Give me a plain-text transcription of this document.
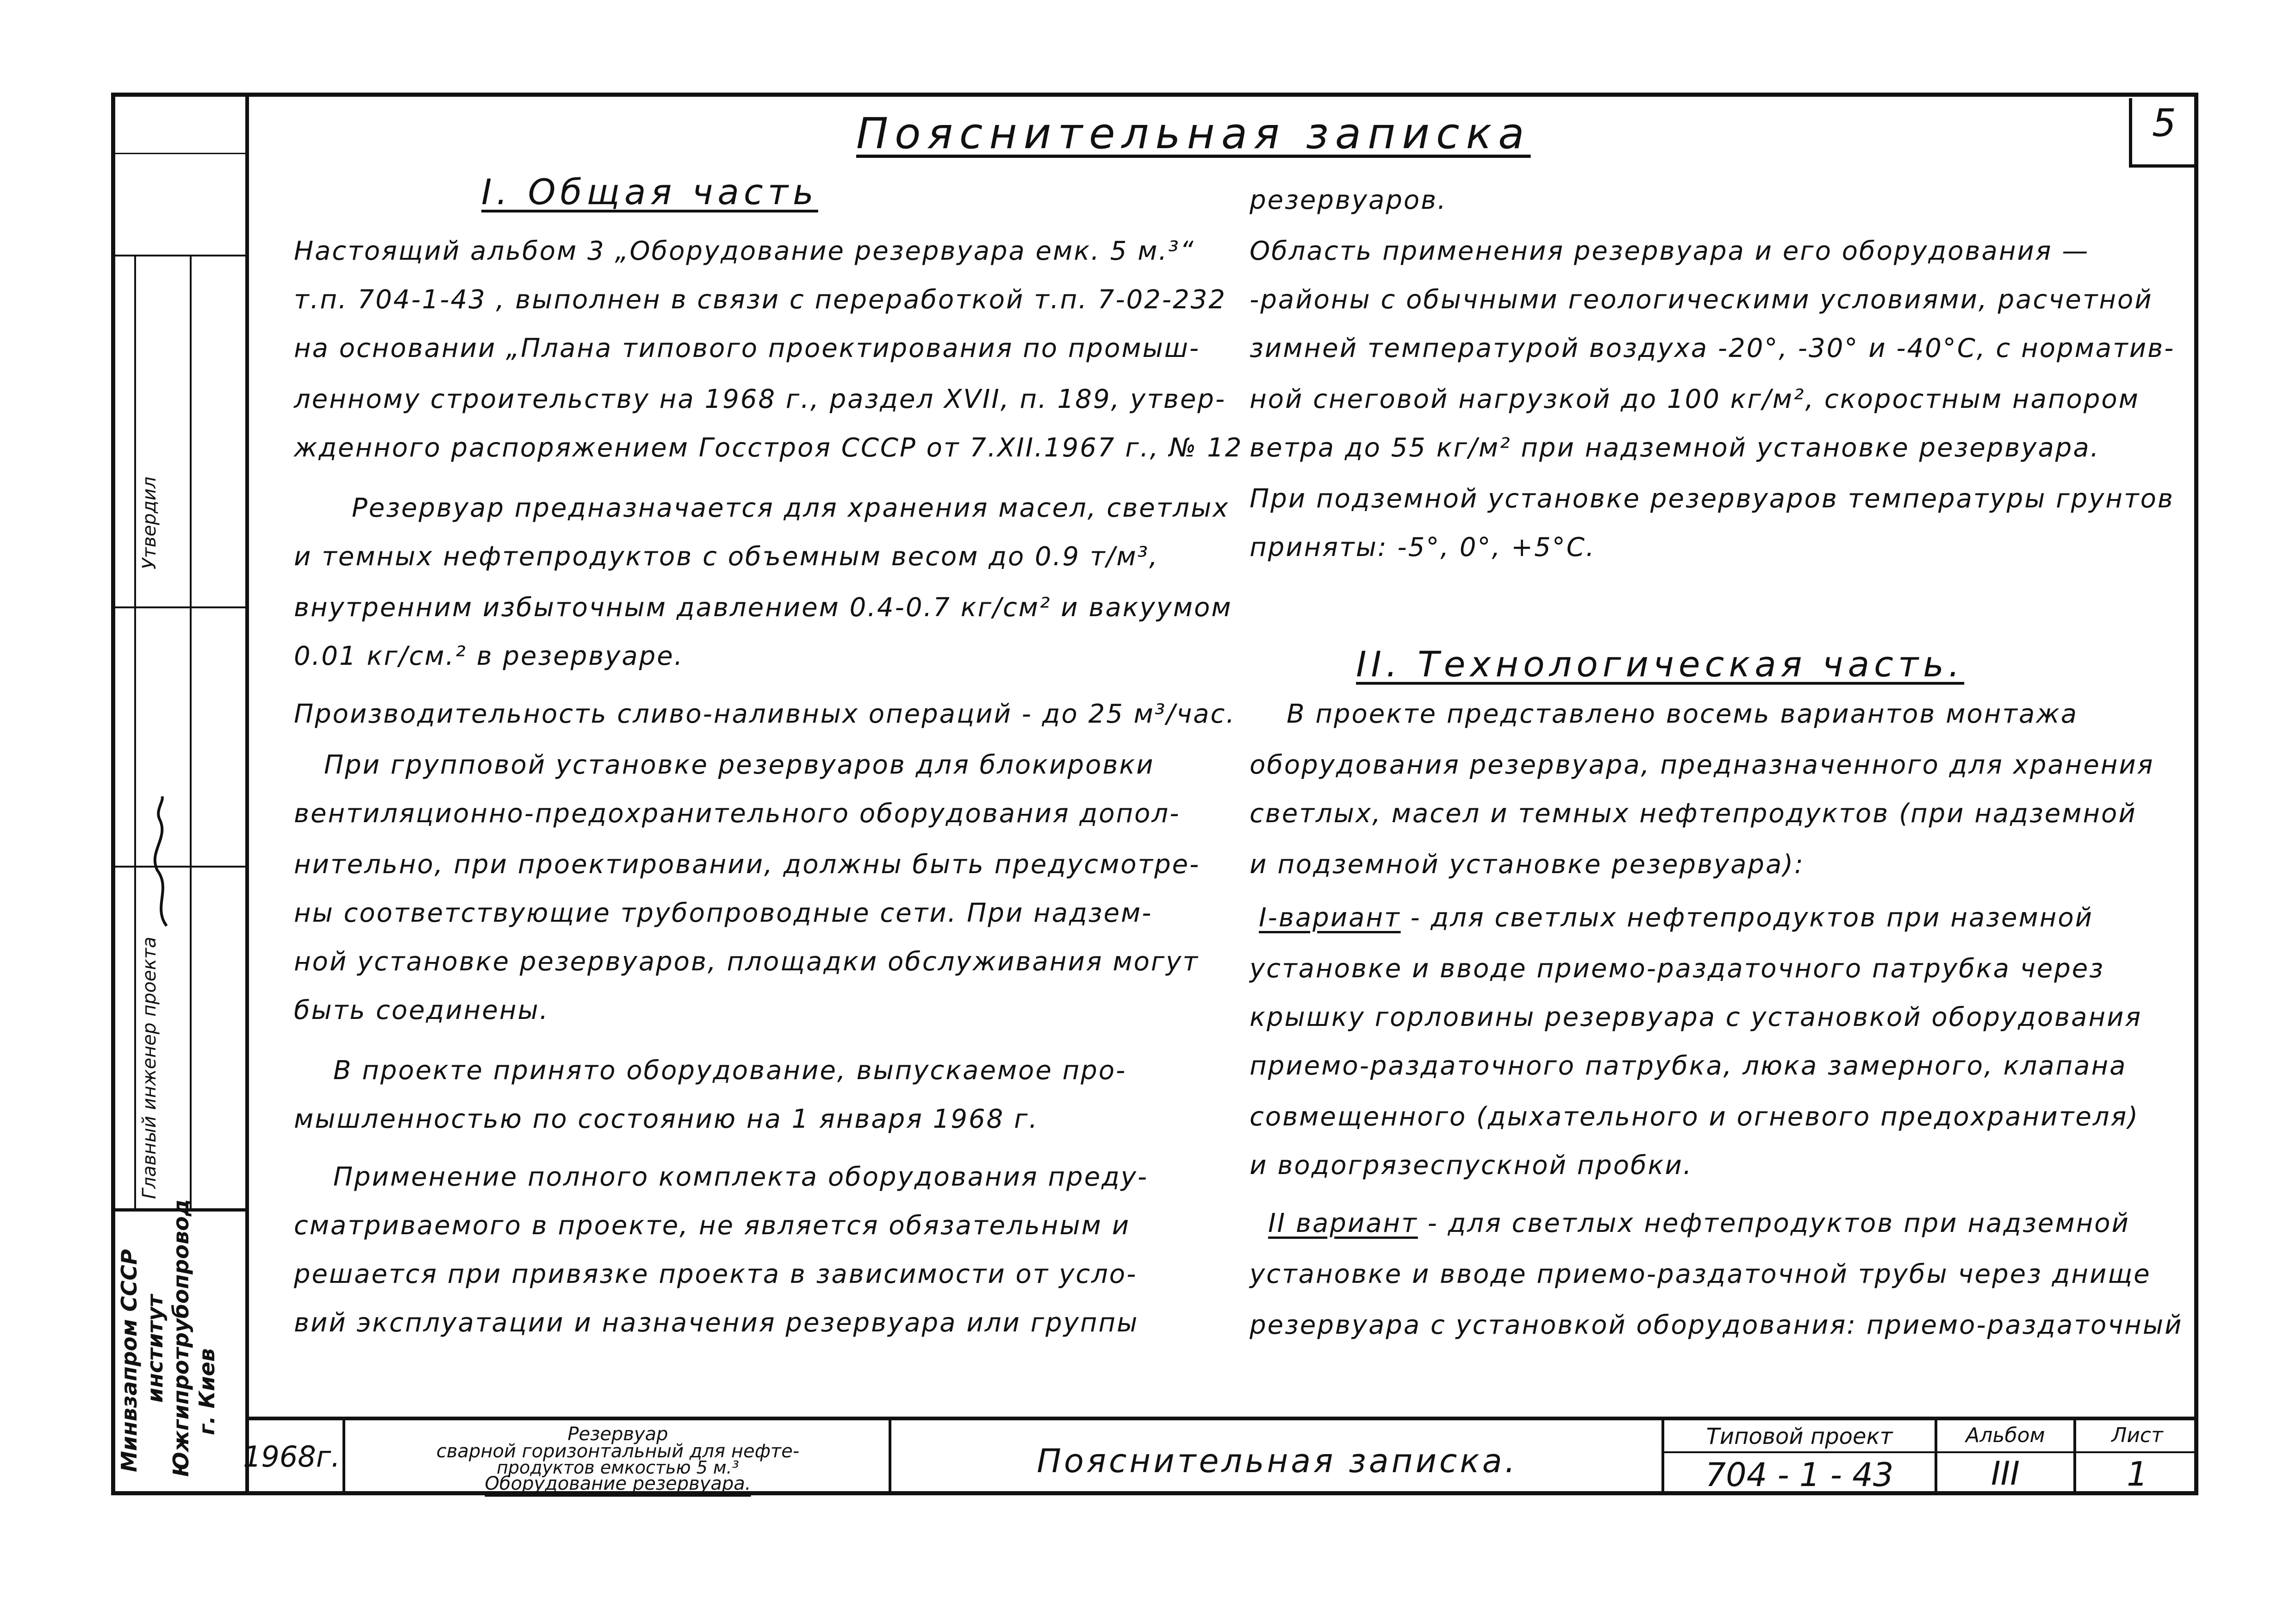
Утвердил
Главный инженер проекта
Минвзапром СССР институт Южгипротрубопровод г. Киев
Пояснительная записка	5
I. Общая часть
Настоящий альбом 3 „Оборудование резервуара емк. 5 м.³“
т.п. 704-1-43 , выполнен в связи с переработкой т.п. 7-02-232
на основании „Плана типового проектирования по промыш-
ленному строительству на 1968 г., раздел XVII, п. 189, утвер-
жденного распоряжением Госстроя СССР от 7.XII.1967 г., № 12
Резервуар предназначается для хранения масел, светлых
и темных нефтепродуктов с объемным весом до 0.9 т/м³,
внутренним избыточным давлением 0.4-0.7 кг/см² и вакуумом
0.01 кг/см.² в резервуаре.
Производительность сливо-наливных операций - до 25 м³/час.
При групповой установке резервуаров для блокировки
вентиляционно-предохранительного оборудования допол-
нительно, при проектировании, должны быть предусмотре-
ны соответствующие трубопроводные сети. При надзем-
ной установке резервуаров, площадки обслуживания могут
быть соединены.
В проекте принято оборудование, выпускаемое про-
мышленностью по состоянию на 1 января 1968 г.
Применение полного комплекта оборудования преду-
сматриваемого в проекте, не является обязательным и
решается при привязке проекта в зависимости от усло-
вий эксплуатации и назначения резервуара или группы
резервуаров.
Область применения резервуара и его оборудования —
-районы с обычными геологическими условиями, расчетной
зимней температурой воздуха -20°, -30° и -40°С, с норматив-
ной снеговой нагрузкой до 100 кг/м², скоростным напором
ветра до 55 кг/м² при надземной установке резервуара.
При подземной установке резервуаров температуры грунтов
приняты: -5°, 0°, +5°С.
II. Технологическая часть.
В проекте представлено восемь вариантов монтажа
оборудования резервуара, предназначенного для хранения
светлых, масел и темных нефтепродуктов (при надземной
и подземной установке резервуара):
I-вариант - для светлых нефтепродуктов при наземной
установке и вводе приемо-раздаточного патрубка через
крышку горловины резервуара с установкой оборудования
приемо-раздаточного патрубка, люка замерного, клапана
совмещенного (дыхательного и огневого предохранителя)
и водогрязеспускной пробки.
II вариант - для светлых нефтепродуктов при надземной
установке и вводе приемо-раздаточной трубы через днище
резервуара с установкой оборудования: приемо-раздаточный
1968г.
Резервуар
сварной горизонтальный для нефте-
продуктов емкостью 5 м.³
Оборудование резервуара.
Пояснительная записка.
Типовой проект
704 - 1 - 43
Альбом
III
Лист
1
